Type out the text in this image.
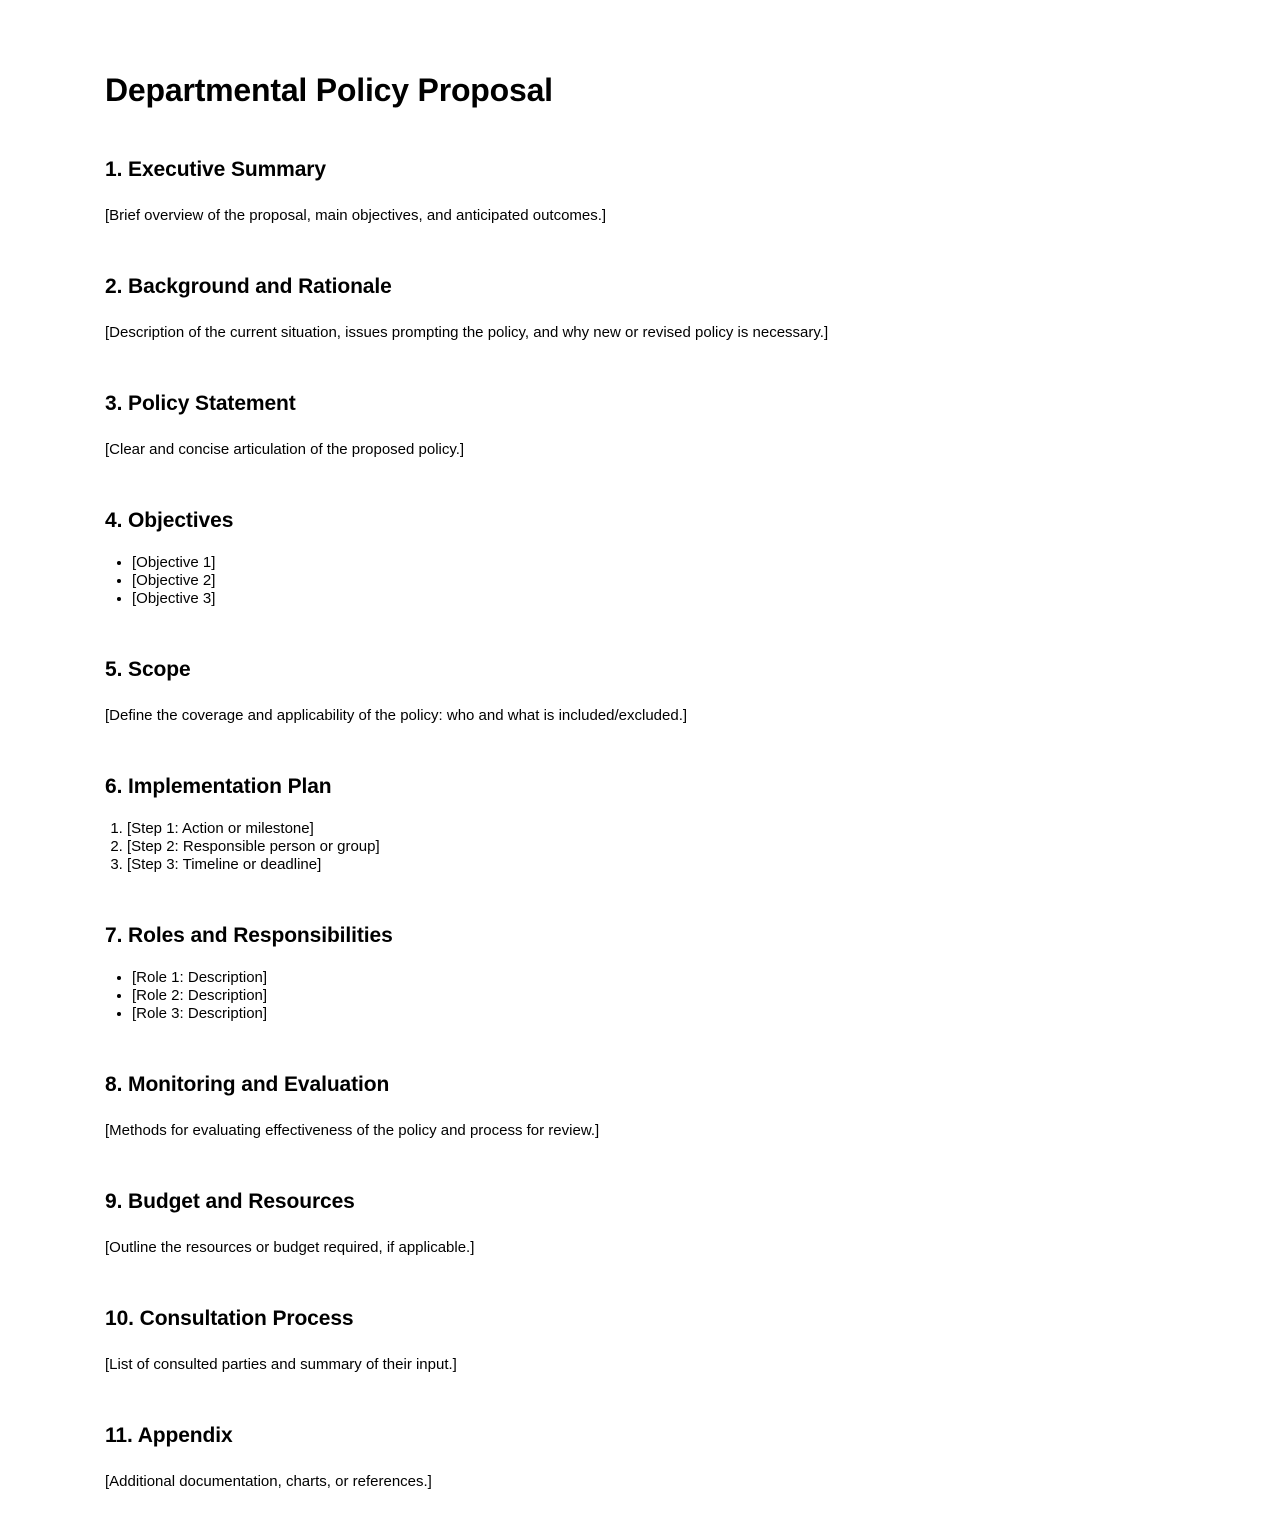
Departmental Policy Proposal
1. Executive Summary

[Brief overview of the proposal, main objectives, and anticipated outcomes.]

2. Background and Rationale

[Description of the current situation, issues prompting the policy, and why new or revised policy is necessary.]

3. Policy Statement

[Clear and concise articulation of the proposed policy.]

4. Objectives
• [Objective 1]
• [Objective 2]
• [Objective 3]
5. Scope

[Define the coverage and applicability of the policy: who and what is included/excluded.]

6. Implementation Plan
1. [Step 1: Action or milestone]
2. [Step 2: Responsible person or group]
3. [Step 3: Timeline or deadline]
7. Roles and Responsibilities
• [Role 1: Description]
• [Role 2: Description]
• [Role 3: Description]
8. Monitoring and Evaluation

[Methods for evaluating effectiveness of the policy and process for review.]

9. Budget and Resources

[Outline the resources or budget required, if applicable.]

10. Consultation Process

[List of consulted parties and summary of their input.]

11. Appendix

[Additional documentation, charts, or references.]
